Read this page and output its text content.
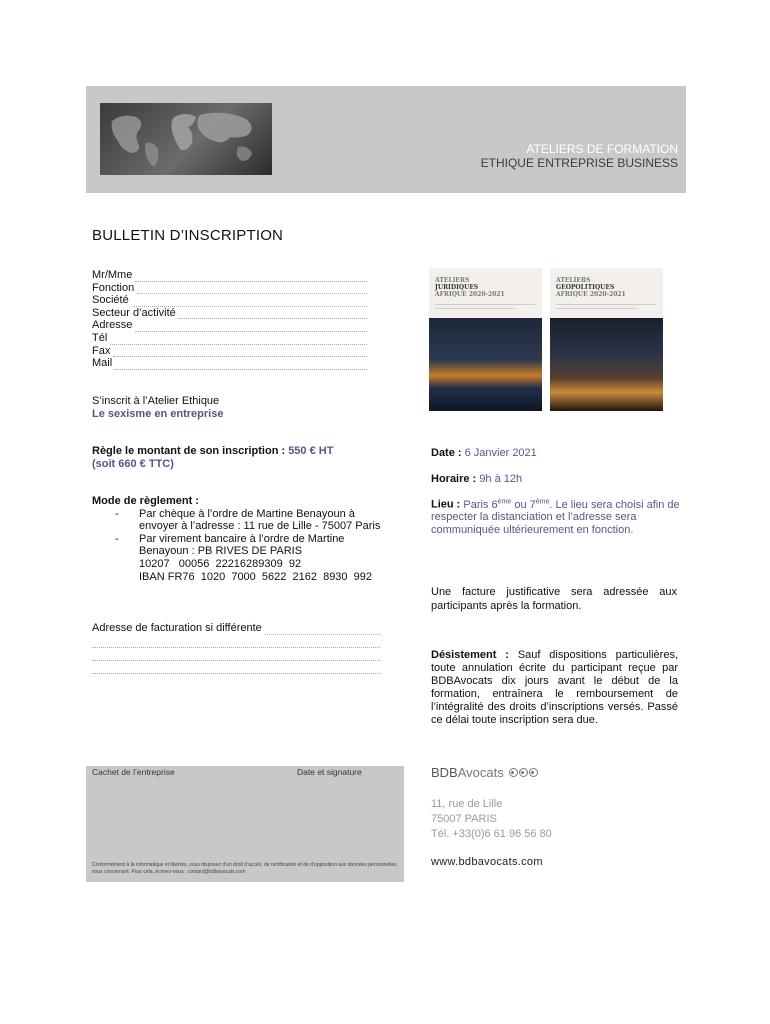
ATELIERS DE FORMATION
ETHIQUE ENTREPRISE BUSINESS
BULLETIN D’INSCRIPTION
Mr/Mme
Fonction
Société
Secteur d’activité
Adresse
Tél
Fax
Mail
S’inscrit à l’Atelier Ethique
Le sexisme en entreprise
Règle le montant de son inscription : 550 € HT
(soit 660 € TTC)
Mode de règlement :
-	Par chèque à l’ordre de Martine Benayoun à
envoyer à l’adresse : 11 rue de Lille - 75007 Paris
-	Par virement bancaire à l’ordre de Martine
Benayoun : PB RIVES DE PARIS
10207   00056  22216289309  92
IBAN FR76  1020  7000  5622  2162  8930  992
Adresse de facturation si différente
ATELIERS
JURIDIQUES
AFRIQUE 2020-2021
ATELIERS
GEOPOLITIQUES
AFRIQUE 2020-2021
Date : 6 Janvier 2021
Horaire : 9h à 12h
Lieu : Paris 6ème ou 7ème. Le lieu sera choisi afin de respecter la distanciation et l’adresse sera communiquée ultérieurement en fonction.
Une facture justificative sera adressée aux participants après la formation.
Désistement : Sauf dispositions particulières, toute annulation écrite du participant reçue par BDBAvocats dix jours avant le début de la formation, entraînera le remboursement de l’intégralité des droits d’inscriptions versés. Passé ce délai toute inscription sera due.
Cachet de l’entreprise	Date et signature
Conformément à la informatique et libertés, vous disposez d’un droit d’accès, de rectification et de d’opposition aux données personnelles vous concernant. Pour cela, écrivez-nous : contact@bdbavocats.com
BDB Avocats
11, rue de Lille
75007 PARIS
Tél. +33(0)6 61 96 56 80
www.bdbavocats.com
